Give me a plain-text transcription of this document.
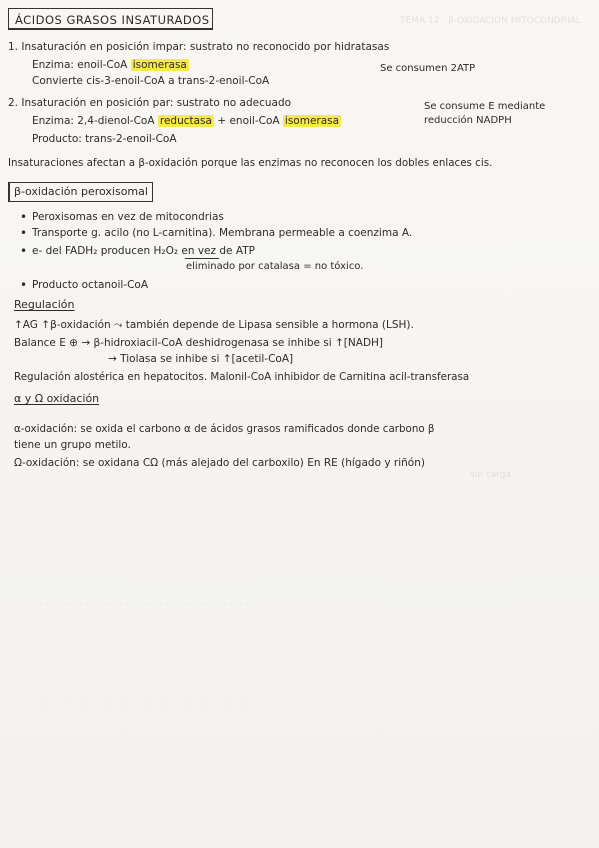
TEMA 12 · β-OXIDACIÓN MITOCONDRIAL
sin carga
· · · · · · · · · · · · · · · · · · · · · · · · · · · · · · · · · · · · ·
· · · · · · · · · · · · · · · · · · · · · · · · · · · · · · · · · · · · ·
ÁCIDOS GRASOS INSATURADOS
1. Insaturación en posición impar: sustrato no reconocido por hidratasas
Enzima: enoil-CoA isomerasa
Convierte cis-3-enoil-CoA a trans-2-enoil-CoA
Se consumen 2ATP
2. Insaturación en posición par: sustrato no adecuado
Enzima: 2,4-dienol-CoA reductasa + enoil-CoA isomerasa
Producto: trans-2-enoil-CoA
Se consume E mediante
reducción NADPH
Insaturaciones afectan a β-oxidación porque las enzimas no reconocen los dobles enlaces cis.
β-oxidación peroxisomal
• Peroxisomas en vez de mitocondrias
• Transporte g. acilo (no L-carnitina). Membrana permeable a coenzima A.
• e- del FADH₂ producen H₂O₂ en vez de ATP
eliminado por catalasa = no tóxico.
• Producto octanoil-CoA
Regulación
↑AG ↑β-oxidación ⤳ también depende de Lipasa sensible a hormona (LSH).
Balance E ⊕ → β-hidroxiacil-CoA deshidrogenasa se inhibe si ↑[NADH]
→ Tiolasa se inhibe si ↑[acetil-CoA]
Regulación alostérica en hepatocitos. Malonil-CoA inhibidor de Carnitina acil-transferasa
α y Ω oxidación
α-oxidación: se oxida el carbono α de ácidos grasos ramificados donde carbono β
tiene un grupo metilo.
Ω-oxidación: se oxidana CΩ (más alejado del carboxilo) En RE (hígado y riñón)
